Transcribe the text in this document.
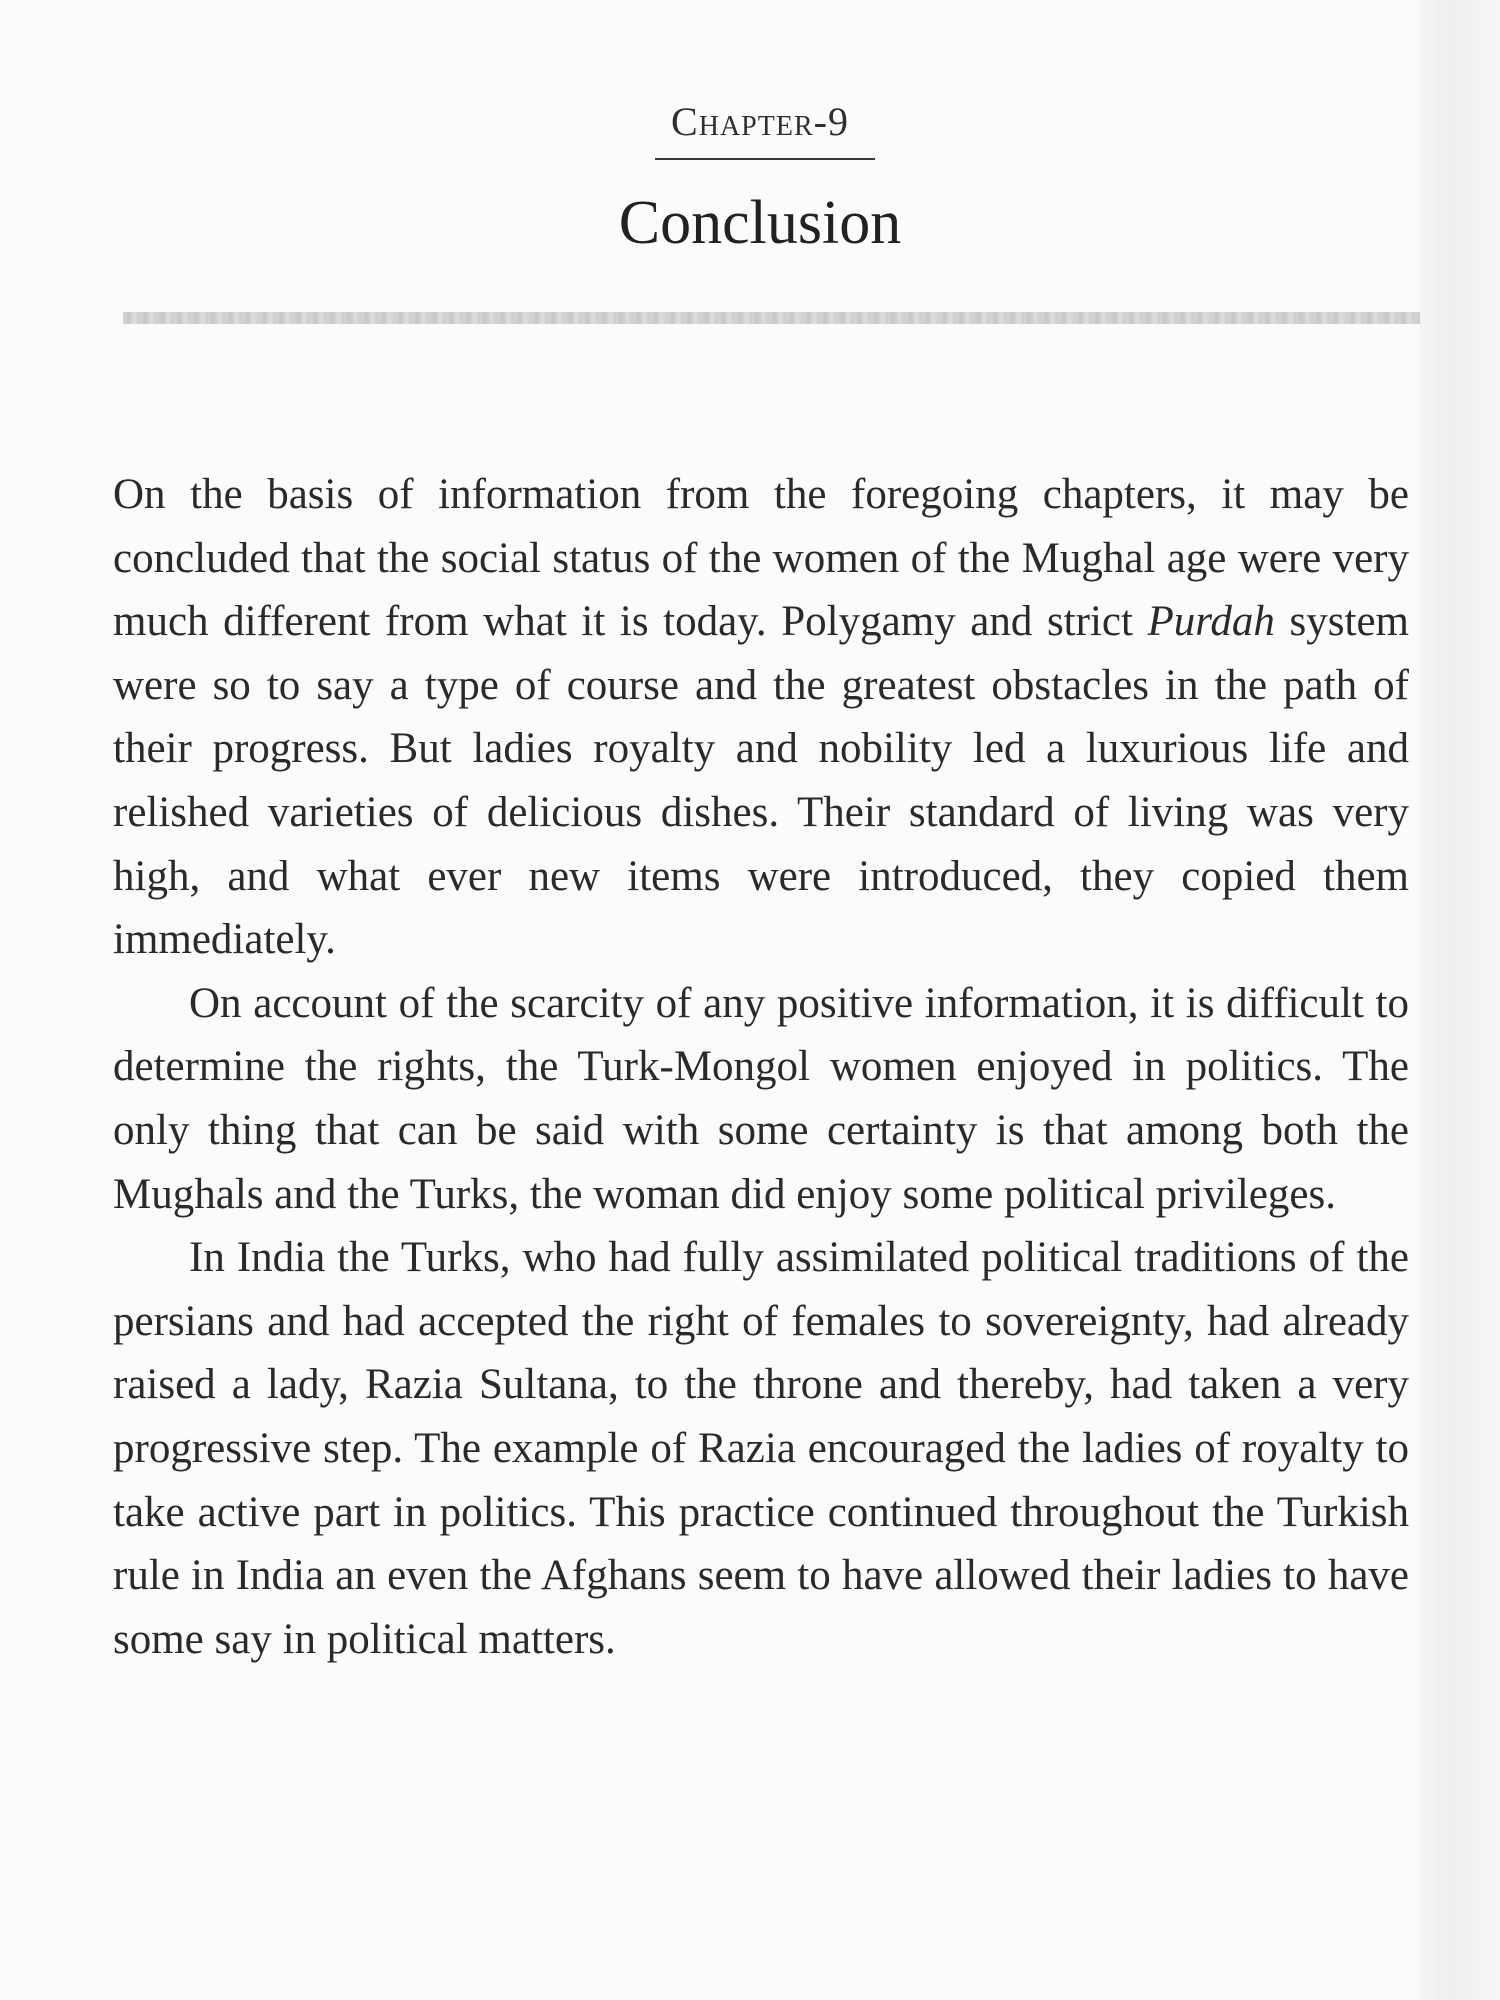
Chapter-9
Conclusion

On the basis of information from the foregoing chapters, it may be concluded that the social status of the women of the Mughal age were very much different from what it is today. Polygamy and strict Purdah system were so to say a type of course and the greatest obstacles in the path of their progress. But ladies royalty and nobility led a luxurious life and relished varieties of delicious dishes. Their standard of living was very high, and what ever new items were introduced, they copied them immediately.

On account of the scarcity of any positive information, it is difficult to determine the rights, the Turk-Mongol women enjoyed in politics. The only thing that can be said with some certainty is that among both the Mughals and the Turks, the woman did enjoy some political privileges.

In India the Turks, who had fully assimilated political traditions of the persians and had accepted the right of females to sovereignty, had already raised a lady, Razia Sultana, to the throne and thereby, had taken a very progressive step. The example of Razia encouraged the ladies of royalty to take active part in politics. This practice continued throughout the Turkish rule in India an even the Afghans seem to have allowed their ladies to have some say in political matters.
